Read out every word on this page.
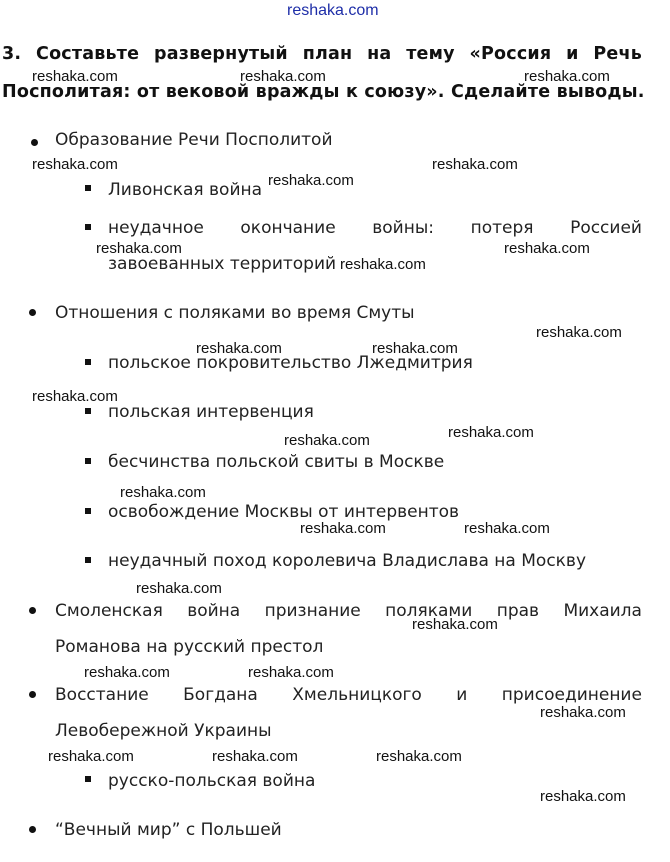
reshaka.com
3. Составьте развернутый план на тему «Россия и Речь
Посполитая: от вековой вражды к союзу». Сделайте выводы.
Образование Речи Посполитой
Ливонская война
неудачное окончание войны: потеря Россией
завоеванных территорий
Отношения с поляками во время Смуты
польское покровительство Лжедмитрия
польская интервенция
бесчинства польской свиты в Москве
освобождение Москвы от интервентов
неудачный поход королевича Владислава на Москву
Смоленская война признание поляками прав Михаила
Романова на русский престол
Восстание Богдана Хмельницкого и присоединение
Левобережной Украины
русско-польская война
“Вечный мир” с Польшей
reshaka.com	reshaka.com	reshaka.com
reshaka.com	reshaka.com
reshaka.com
reshaka.com	reshaka.com
reshaka.com
reshaka.com
reshaka.com	reshaka.com
reshaka.com
reshaka.com
reshaka.com
reshaka.com
reshaka.com	reshaka.com
reshaka.com
reshaka.com
reshaka.com	reshaka.com
reshaka.com
reshaka.com	reshaka.com	reshaka.com
reshaka.com
